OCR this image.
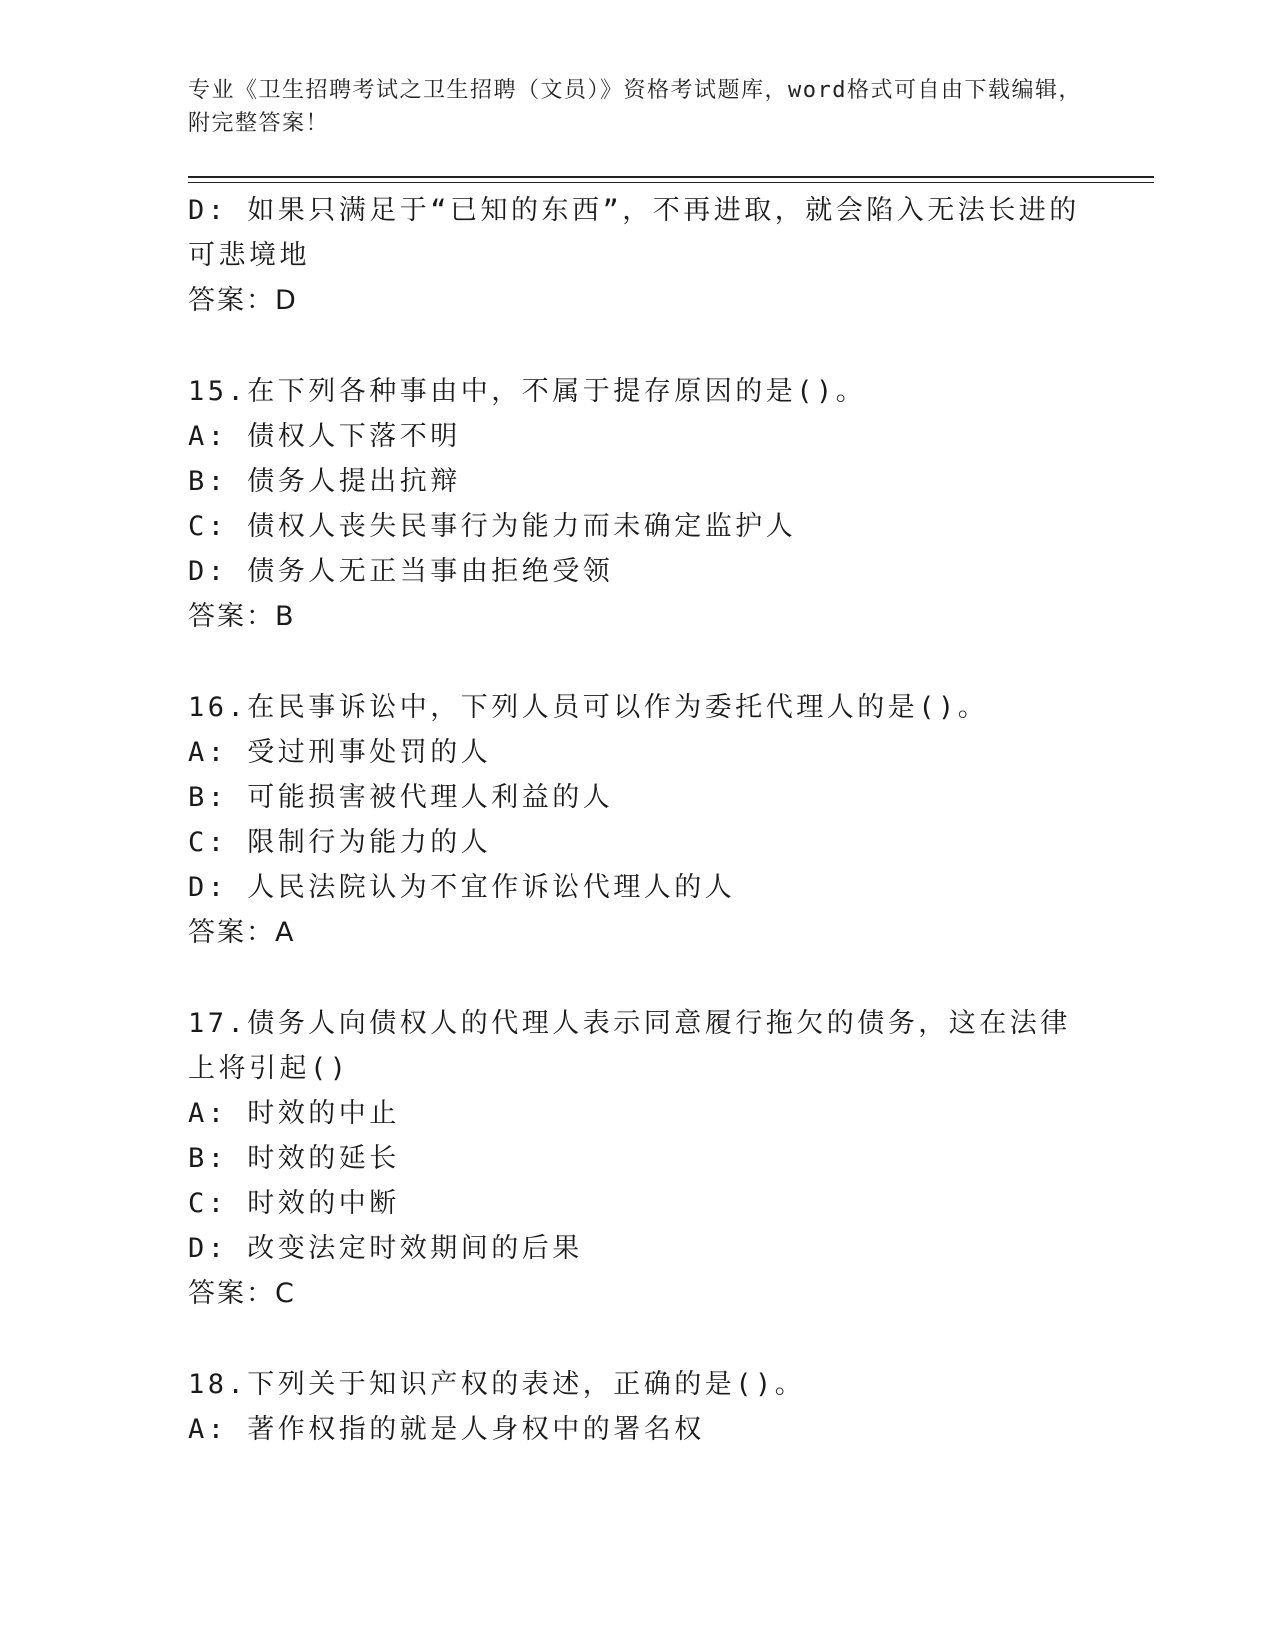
专业《卫生招聘考试之卫生招聘（文员）》资格考试题库，word格式可自由下载编辑，附完整答案！
D: 如果只满足于“已知的东西”，不再进取，就会陷入无法长进的可悲境地
答案：D
15.在下列各种事由中，不属于提存原因的是()。
A: 债权人下落不明
B: 债务人提出抗辩
C: 债权人丧失民事行为能力而未确定监护人
D: 债务人无正当事由拒绝受领
答案：B
16.在民事诉讼中，下列人员可以作为委托代理人的是()。
A: 受过刑事处罚的人
B: 可能损害被代理人利益的人
C: 限制行为能力的人
D: 人民法院认为不宜作诉讼代理人的人
答案：A
17.债务人向债权人的代理人表示同意履行拖欠的债务，这在法律上将引起()
A: 时效的中止
B: 时效的延长
C: 时效的中断
D: 改变法定时效期间的后果
答案：C
18.下列关于知识产权的表述，正确的是()。
A: 著作权指的就是人身权中的署名权
